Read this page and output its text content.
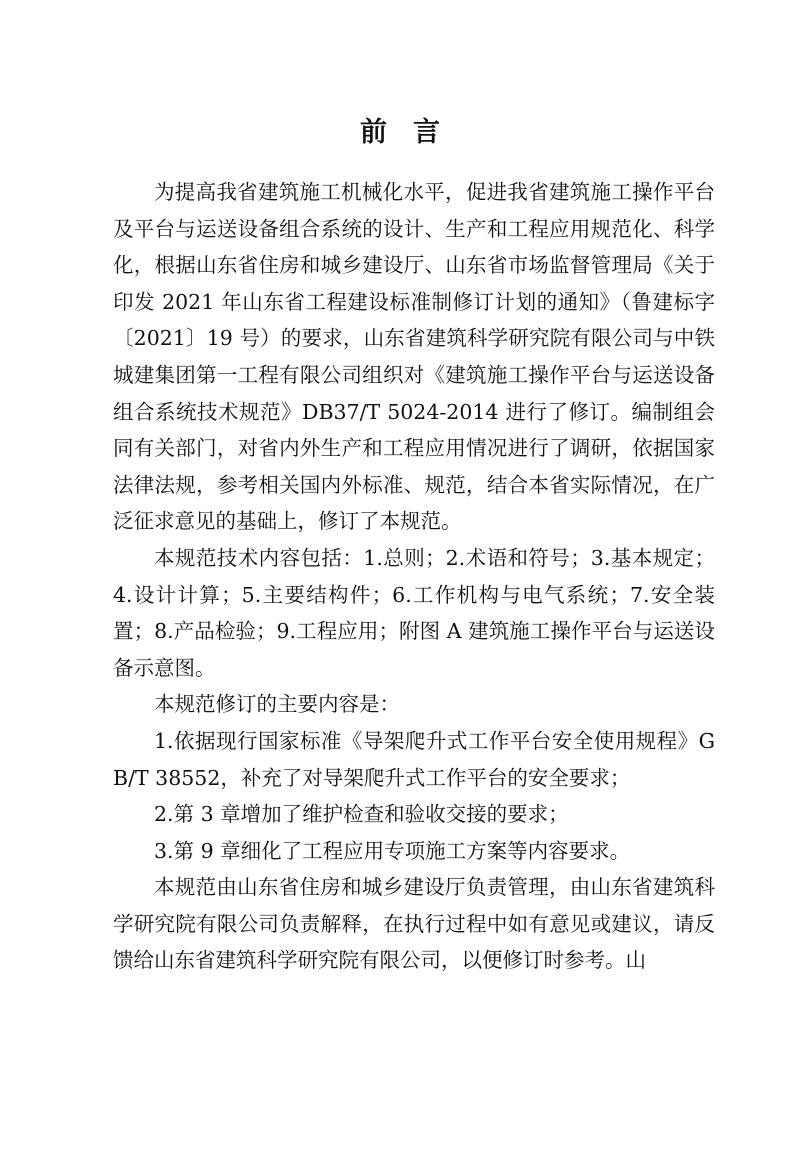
前言

为提高我省建筑施工机械化水平，促进我省建筑施工操作平台及平台与运送设备组合系统的设计、生产和工程应用规范化、科学化，根据山东省住房和城乡建设厅、山东省市场监督管理局《关于印发 2021 年山东省工程建设标准制修订计划的通知》（鲁建标字〔2021〕19 号）的要求，山东省建筑科学研究院有限公司与中铁城建集团第一工程有限公司组织对《建筑施工操作平台与运送设备组合系统技术规范》DB37/T 5024-2014 进行了修订。编制组会同有关部门，对省内外生产和工程应用情况进行了调研，依据国家法律法规，参考相关国内外标准、规范，结合本省实际情况，在广泛征求意见的基础上，修订了本规范。

本规范技术内容包括：1.总则；2.术语和符号；3.基本规定；4.设计计算；5.主要结构件；6.工作机构与电气系统；7.安全装置；8.产品检验；9.工程应用；附图 A 建筑施工操作平台与运送设备示意图。

本规范修订的主要内容是：

1.依据现行国家标准《导架爬升式工作平台安全使用规程》GB/T 38552，补充了对导架爬升式工作平台的安全要求；

2.第 3 章增加了维护检查和验收交接的要求；

3.第 9 章细化了工程应用专项施工方案等内容要求。

本规范由山东省住房和城乡建设厅负责管理，由山东省建筑科学研究院有限公司负责解释，在执行过程中如有意见或建议，请反馈给山东省建筑科学研究院有限公司，以便修订时参考。山
